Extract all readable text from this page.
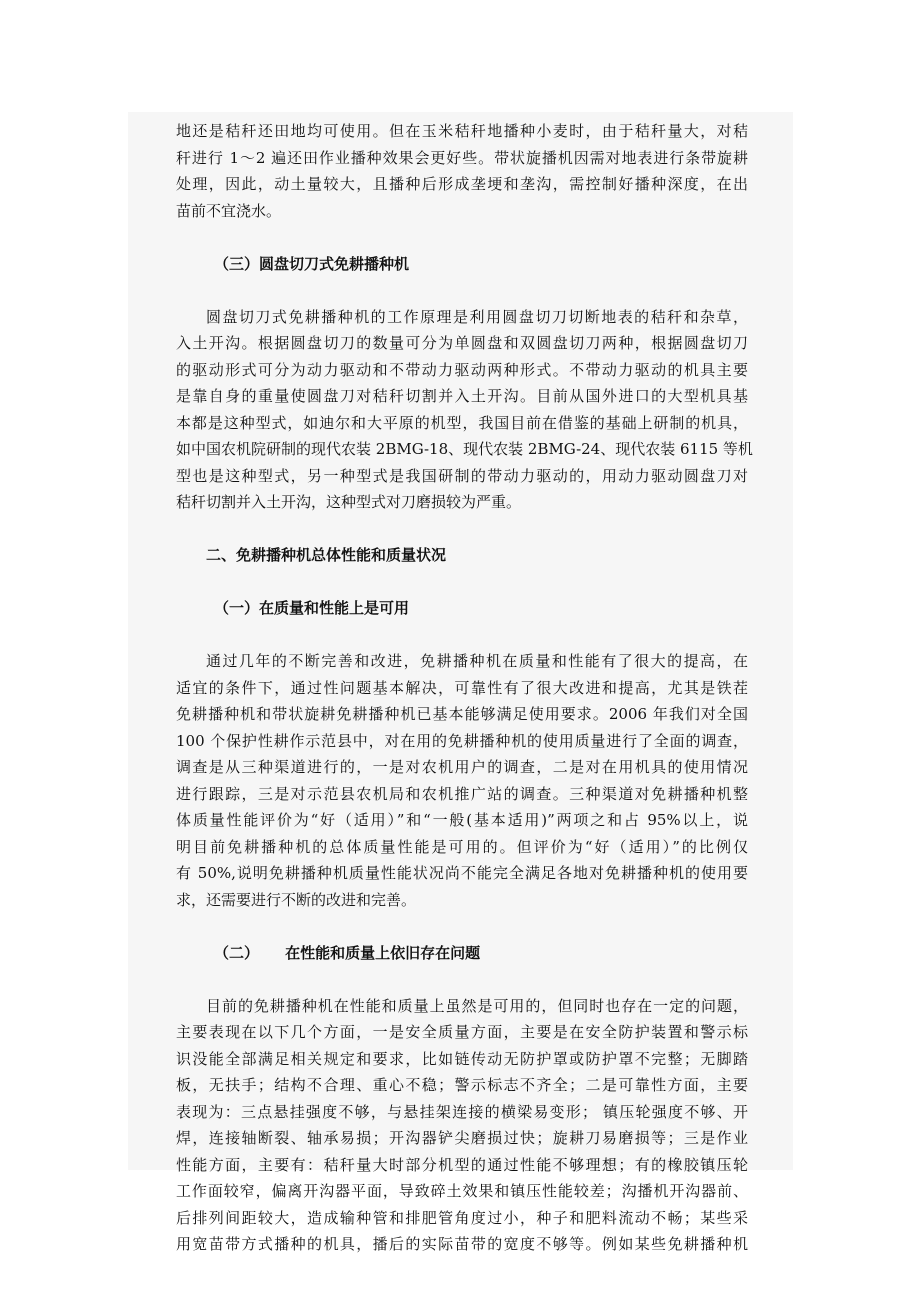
地还是秸秆还田地均可使用。但在玉米秸秆地播种小麦时，由于秸秆量大，对秸
秆进行 1～2 遍还田作业播种效果会更好些。带状旋播机因需对地表进行条带旋耕
处理，因此，动土量较大，且播种后形成垄埂和垄沟，需控制好播种深度，在出
苗前不宜浇水。
（三）圆盘切刀式免耕播种机
圆盘切刀式免耕播种机的工作原理是利用圆盘切刀切断地表的秸秆和杂草，
入土开沟。根据圆盘切刀的数量可分为单圆盘和双圆盘切刀两种，根据圆盘切刀
的驱动形式可分为动力驱动和不带动力驱动两种形式。不带动力驱动的机具主要
是靠自身的重量使圆盘刀对秸秆切割并入土开沟。目前从国外进口的大型机具基
本都是这种型式，如迪尔和大平原的机型，我国目前在借鉴的基础上研制的机具，
如中国农机院研制的现代农装 2BMG-18、现代农装 2BMG-24、现代农装 6115 等机
型也是这种型式，另一种型式是我国研制的带动力驱动的，用动力驱动圆盘刀对
秸秆切割并入土开沟，这种型式对刀磨损较为严重。
二、免耕播种机总体性能和质量状况
（一）在质量和性能上是可用
通过几年的不断完善和改进，免耕播种机在质量和性能有了很大的提高，在
适宜的条件下，通过性问题基本解决，可靠性有了很大改进和提高，尤其是铁茬
免耕播种机和带状旋耕免耕播种机已基本能够满足使用要求。2006 年我们对全国
100 个保护性耕作示范县中，对在用的免耕播种机的使用质量进行了全面的调查，
调查是从三种渠道进行的，一是对农机用户的调查，二是对在用机具的使用情况
进行跟踪，三是对示范县农机局和农机推广站的调查。三种渠道对免耕播种机整
体质量性能评价为“好（适用）”和“一般(基本适用)”两项之和占 95%以上，说
明目前免耕播种机的总体质量性能是可用的。但评价为“好（适用）”的比例仅
有 50%,说明免耕播种机质量性能状况尚不能完全满足各地对免耕播种机的使用要
求，还需要进行不断的改进和完善。
（二）     在性能和质量上依旧存在问题
目前的免耕播种机在性能和质量上虽然是可用的，但同时也存在一定的问题，
主要表现在以下几个方面，一是安全质量方面，主要是在安全防护装置和警示标
识没能全部满足相关规定和要求，比如链传动无防护罩或防护罩不完整；无脚踏
板，无扶手；结构不合理、重心不稳；警示标志不齐全；二是可靠性方面，主要
表现为：三点悬挂强度不够，与悬挂架连接的横梁易变形； 镇压轮强度不够、开
焊，连接轴断裂、轴承易损；开沟器铲尖磨损过快；旋耕刀易磨损等；三是作业
性能方面，主要有：秸秆量大时部分机型的通过性能不够理想；有的橡胶镇压轮
工作面较窄，偏离开沟器平面，导致碎土效果和镇压性能较差；沟播机开沟器前、
后排列间距较大，造成输种管和排肥管角度过小，种子和肥料流动不畅；某些采
用宽苗带方式播种的机具，播后的实际苗带的宽度不够等。例如某些免耕播种机
